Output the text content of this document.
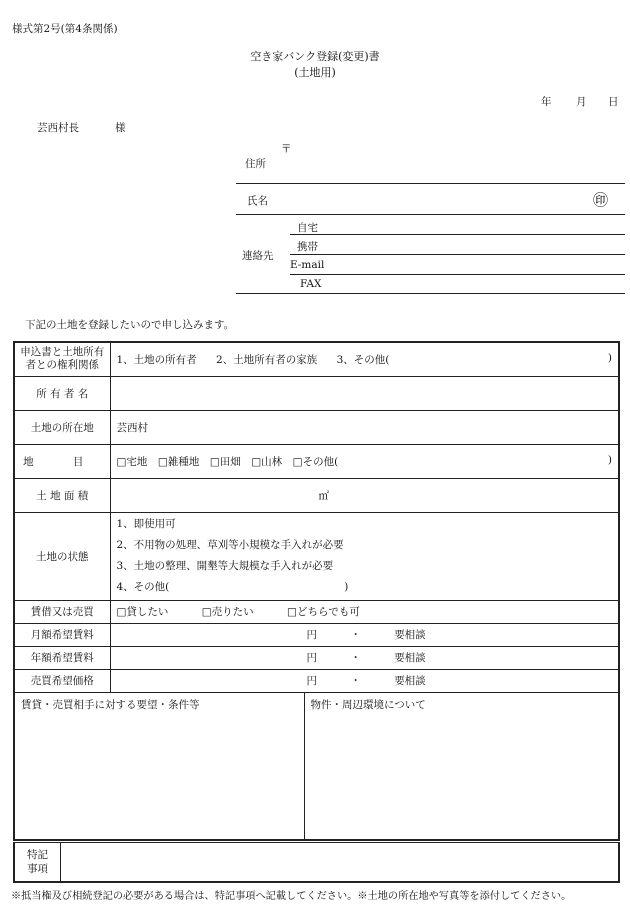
様式第2号(第4条関係)
空き家バンク登録(変更)書
(土地用)
年 月 日
芸西村長	様
〒
住所
氏名	㊞
連絡先
自宅
携帯
E-mail
FAX
下記の土地を登録したいので申し込みます。
申込書と土地所有者との権利関係	1、土地の所有者 2、土地所有者の家族 3、その他( )	

所 有 者 名		
土地の所在地	芸西村	
地 目	□宅地　□雑種地　□田畑　□山林　□その他( )	

土 地 面 積	㎡	
土地の状態	1、即使用可
2、不用物の処理、草刈等小規模な手入れが必要
3、土地の整理、開墾等大規模な手入れが必要
4、その他( )	

賃借又は売買	□貸したい □売りたい □どちらでも可	
月額希望賃料	円 ・ 要相談	
年額希望賃料	円 ・ 要相談	
売買希望価格	円 ・ 要相談	
賃貸・売買相手に対する要望・条件等		物件・周辺環境について
特記事項
※抵当権及び相続登記の必要がある場合は、特記事項へ記載してください。※土地の所在地や写真等を添付してください。
